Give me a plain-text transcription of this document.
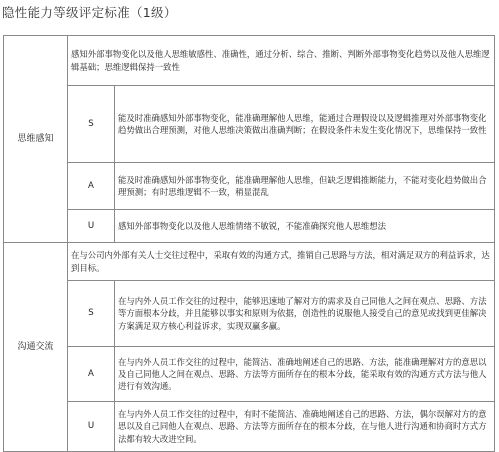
隐性能力等级评定标准（1级）
思维感知	感知外部事物变化以及他人思维敏感性、准确性，通过分析、综合、推断、判断外部事物变化趋势以及他人思维逻辑基础；思维逻辑保持一致性	
	S	能及时准确感知外部事物变化，能准确理解他人思维，能通过合理假设以及逻辑推理对外部事物变化趋势做出合理预测，对他人思维决策做出准确判断；在假设条件未发生变化情况下，思维保持一致性
	A	能及时准确感知外部事物变化，能准确理解他人思维，但缺乏逻辑推断能力，不能对变化趋势做出合理预测；有时思维逻辑不一致，稍显混乱
	U	感知外部事物变化以及他人思维情绪不敏锐，不能准确探究他人思维想法
沟通交流	在与公司内外部有关人士交往过程中，采取有效的沟通方式，推销自己思路与方法，相对满足双方的利益诉求，达到目标。	
	S	在与内外人员工作交往的过程中，能够迅速地了解对方的需求及自己同他人之间在观点、思路、方法等方面根本分歧，并且能够以事实和原则为依据，创造性的说服他人接受自己的意见或找到更佳解决方案满足双方核心利益诉求，实现双赢多赢。
	A	在与内外人员工作交往的过程中，能简洁、准确地阐述自己的思路、方法，能准确理解对方的意思以及自己同他人之间在观点、思路、方法等方面所存在的根本分歧，能采取有效的沟通方式方法与他人进行有效沟通。
	U	在与内外人员工作交往的过程中，有时不能简洁、准确地阐述自己的思路、方法，偶尔误解对方的意思以及自己同他人在观点、思路、方法等方面所存在的根本分歧，在与他人进行沟通和协商时方式方法都有较大改进空间。
